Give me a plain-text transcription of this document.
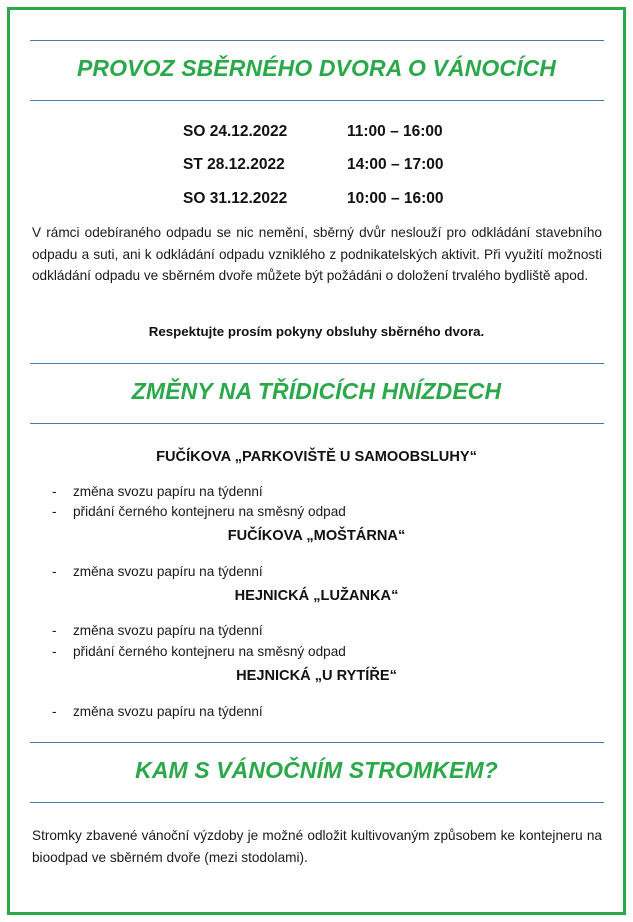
PROVOZ SBĚRNÉHO DVORA O VÁNOCÍCH
SO 24.12.2022	11:00 – 16:00
ST 28.12.2022	14:00 – 17:00
SO 31.12.2022	10:00 – 16:00
V rámci odebíraného odpadu se nic nemění, sběrný dvůr neslouží pro odkládání stavebního odpadu a suti, ani k odkládání odpadu vzniklého z podnikatelských aktivit. Při využití možnosti odkládání odpadu ve sběrném dvoře můžete být požádáni o doložení trvalého bydliště apod.
Respektujte prosím pokyny obsluhy sběrného dvora.
ZMĚNY NA TŘÍDICÍCH HNÍZDECH
FUČÍKOVA „PARKOVIŠTĚ U SAMOOBSLUHY“
- změna svozu papíru na týdenní
- přidání černého kontejneru na směsný odpad
FUČÍKOVA „MOŠTÁRNA“
- změna svozu papíru na týdenní
HEJNICKÁ „LUŽANKA“
- změna svozu papíru na týdenní
- přidání černého kontejneru na směsný odpad
HEJNICKÁ „U RYTÍŘE“
- změna svozu papíru na týdenní
KAM S VÁNOČNÍM STROMKEM?
Stromky zbavené vánoční výzdoby je možné odložit kultivovaným způsobem ke kontejneru na bioodpad ve sběrném dvoře (mezi stodolami).
